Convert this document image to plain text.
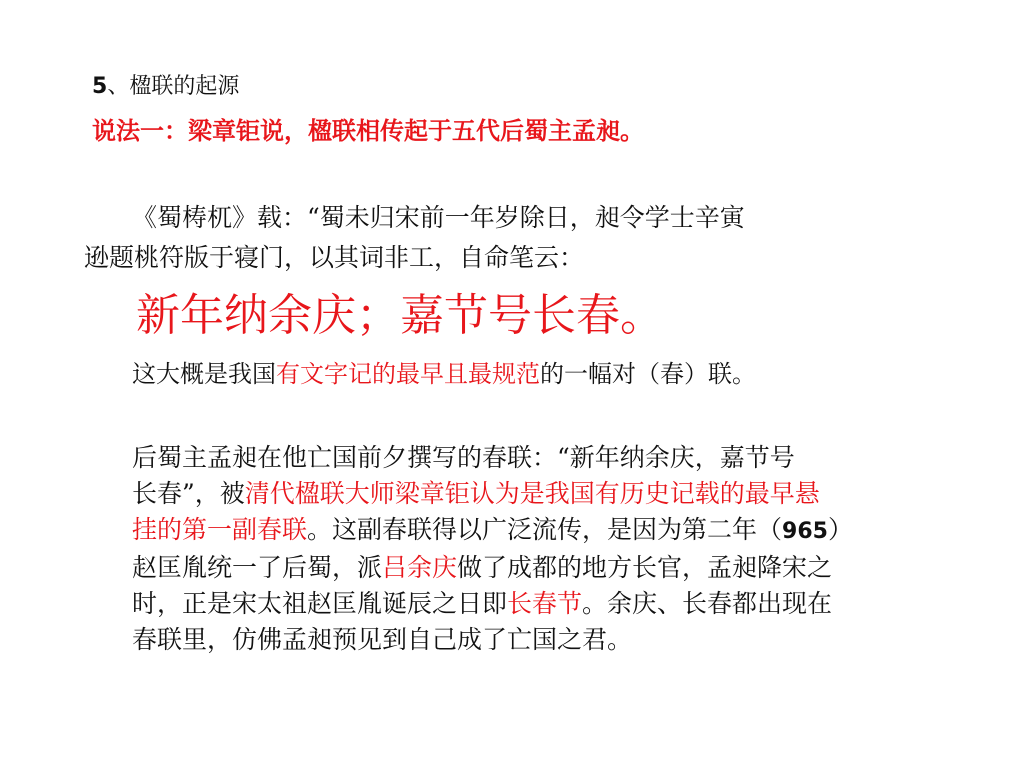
5、楹联的起源
说法一：梁章钜说，楹联相传起于五代后蜀主孟昶。
《蜀梼杌》载：“蜀未归宋前一年岁除日，昶令学士辛寅
逊题桃符版于寝门，以其词非工，自命笔云：
新年纳余庆；嘉节号长春。
这大概是我国有文字记的最早且最规范的一幅对（春）联。
后蜀主孟昶在他亡国前夕撰写的春联：“新年纳余庆，嘉节号
长春”，被清代楹联大师梁章钜认为是我国有历史记载的最早悬
挂的第一副春联。这副春联得以广泛流传，是因为第二年（965）
赵匡胤统一了后蜀，派吕余庆做了成都的地方长官，孟昶降宋之
时，正是宋太祖赵匡胤诞辰之日即长春节。余庆、长春都出现在
春联里，仿佛孟昶预见到自己成了亡国之君。
